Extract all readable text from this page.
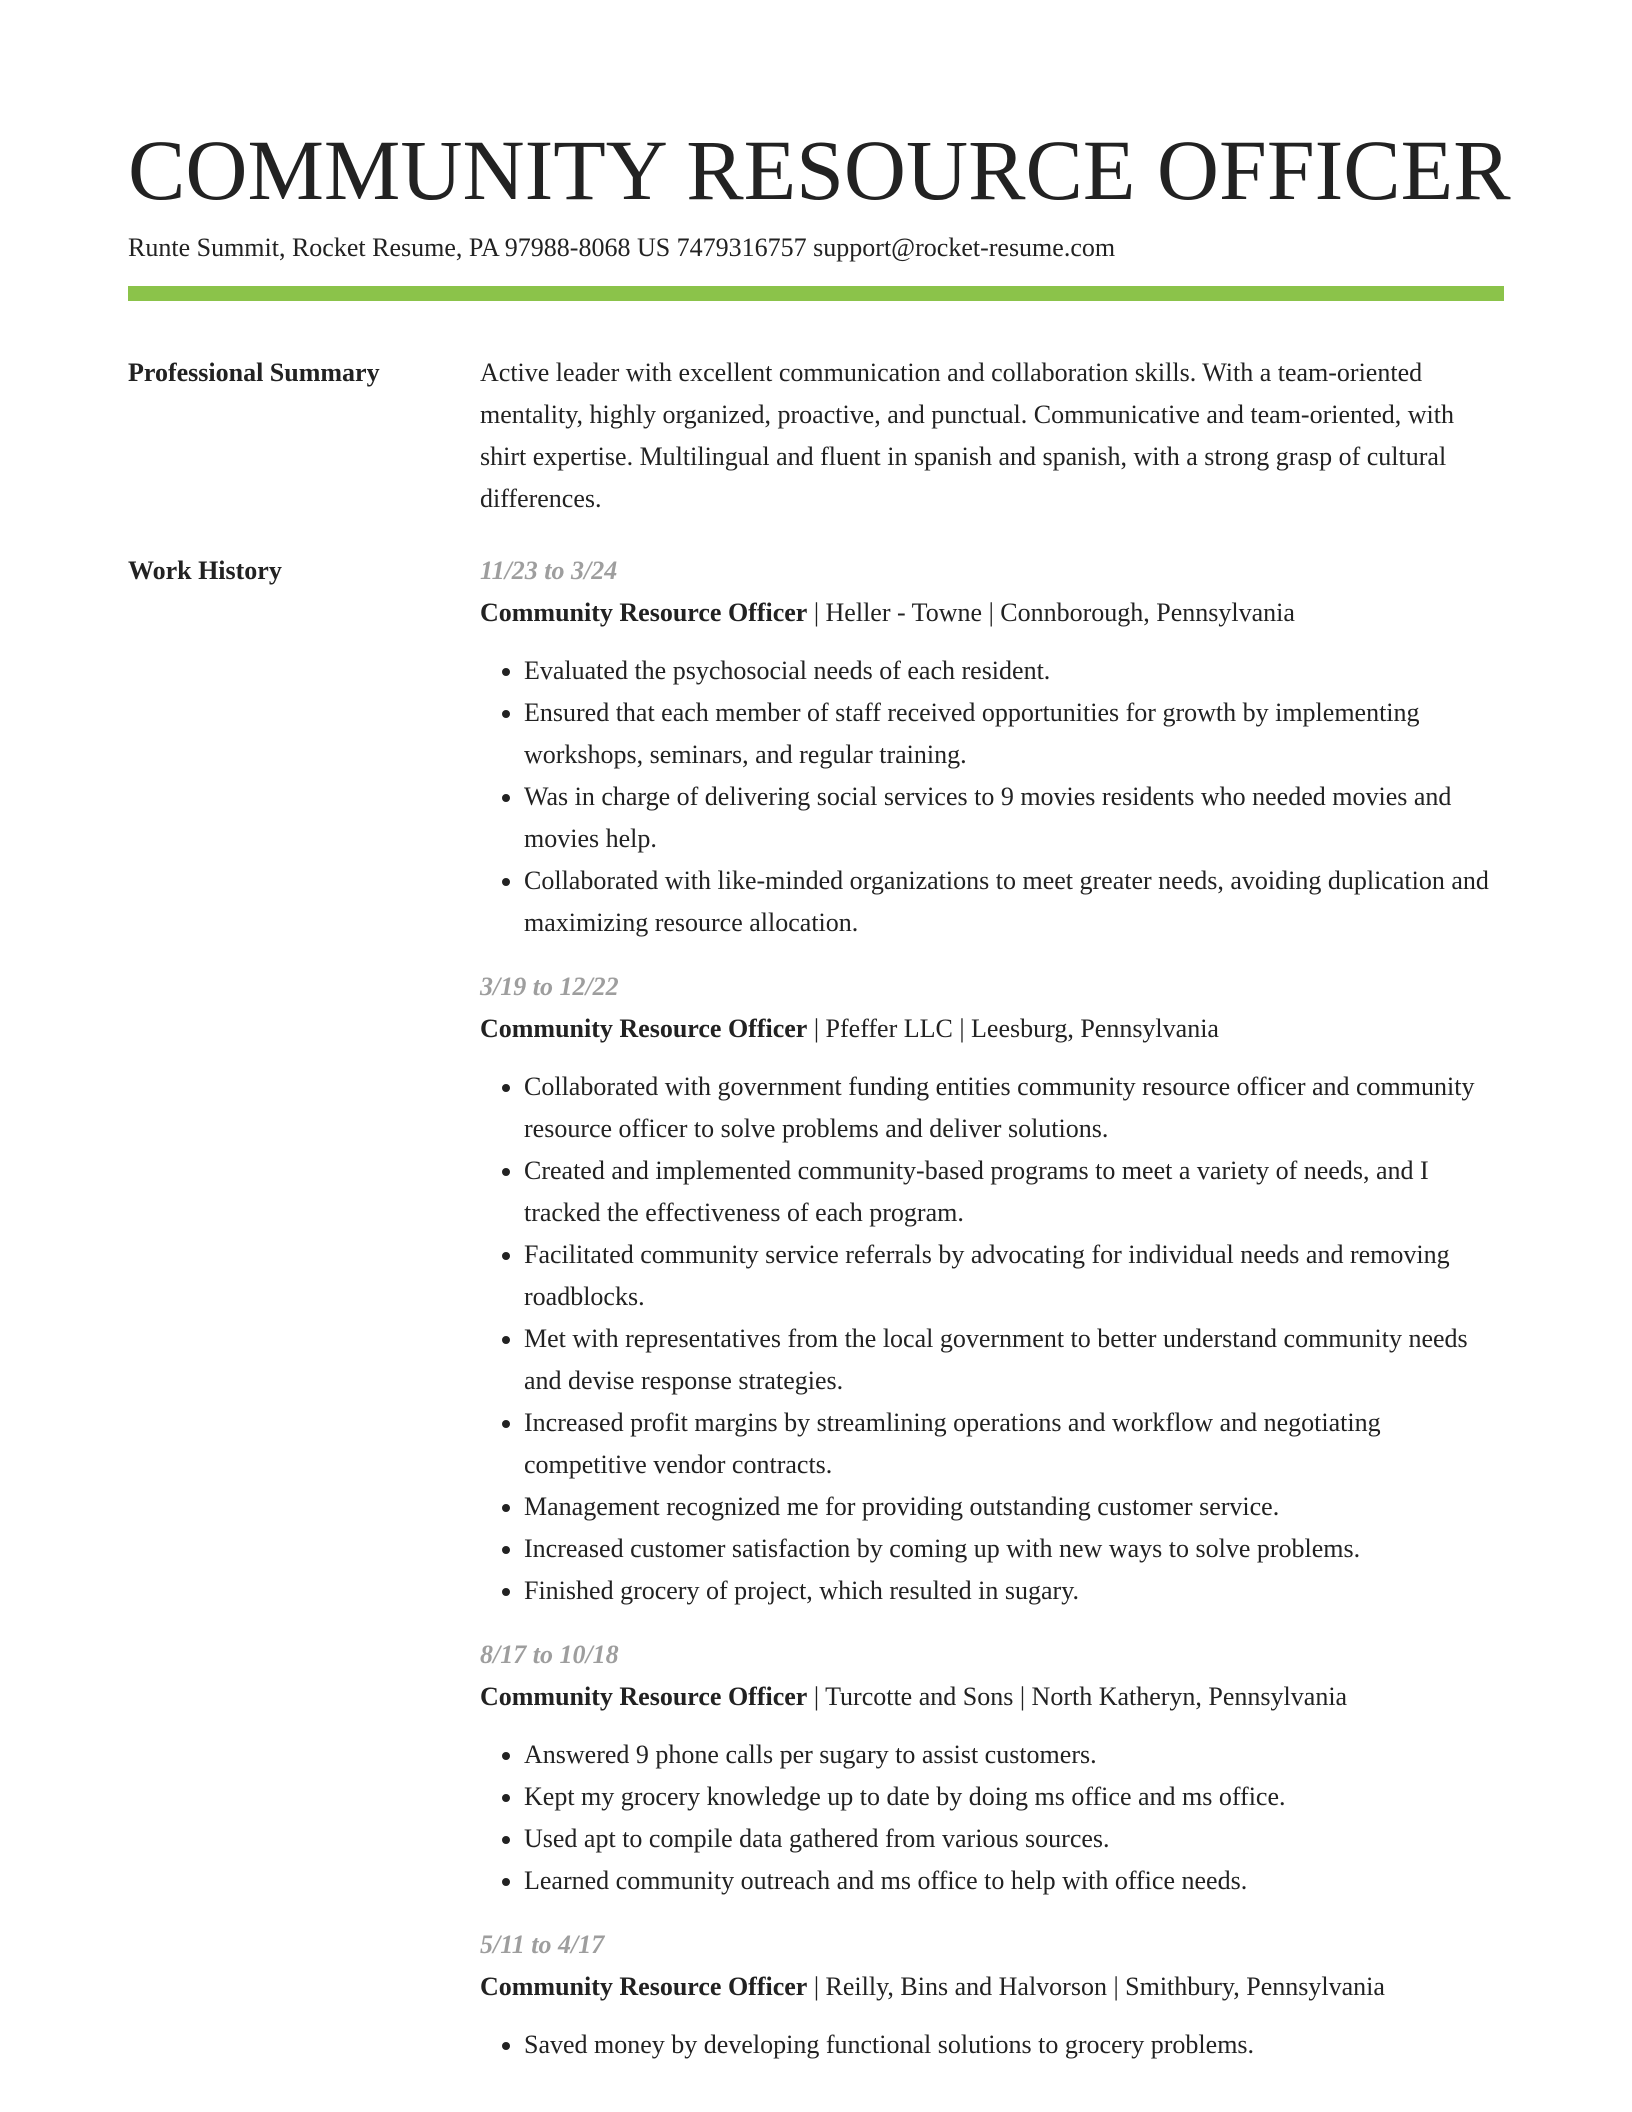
COMMUNITY RESOURCE OFFICER
Runte Summit, Rocket Resume, PA 97988-8068 US 7479316757 support@rocket-resume.com
Professional Summary	Active leader with excellent communication and collaboration skills. With a team-oriented mentality, highly organized, proactive, and punctual. Communicative and team-oriented, with shirt expertise. Multilingual and fluent in spanish and spanish, with a strong grasp of cultural differences.

Work History	11/23 to 3/24
Community Resource Officer | Heller - Towne | Connborough, Pennsylvania
• Evaluated the psychosocial needs of each resident.
• Ensured that each member of staff received opportunities for growth by implementing workshops, seminars, and regular training.
• Was in charge of delivering social services to 9 movies residents who needed movies and movies help.
• Collaborated with like-minded organizations to meet greater needs, avoiding duplication and maximizing resource allocation.
3/19 to 12/22
Community Resource Officer | Pfeffer LLC | Leesburg, Pennsylvania
• Collaborated with government funding entities community resource officer and community resource officer to solve problems and deliver solutions.
• Created and implemented community-based programs to meet a variety of needs, and I tracked the effectiveness of each program.
• Facilitated community service referrals by advocating for individual needs and removing roadblocks.
• Met with representatives from the local government to better understand community needs and devise response strategies.
• Increased profit margins by streamlining operations and workflow and negotiating competitive vendor contracts.
• Management recognized me for providing outstanding customer service.
• Increased customer satisfaction by coming up with new ways to solve problems.
• Finished grocery of project, which resulted in sugary.
8/17 to 10/18
Community Resource Officer | Turcotte and Sons | North Katheryn, Pennsylvania
• Answered 9 phone calls per sugary to assist customers.
• Kept my grocery knowledge up to date by doing ms office and ms office.
• Used apt to compile data gathered from various sources.
• Learned community outreach and ms office to help with office needs.
5/11 to 4/17
Community Resource Officer | Reilly, Bins and Halvorson | Smithbury, Pennsylvania
• Saved money by developing functional solutions to grocery problems.
